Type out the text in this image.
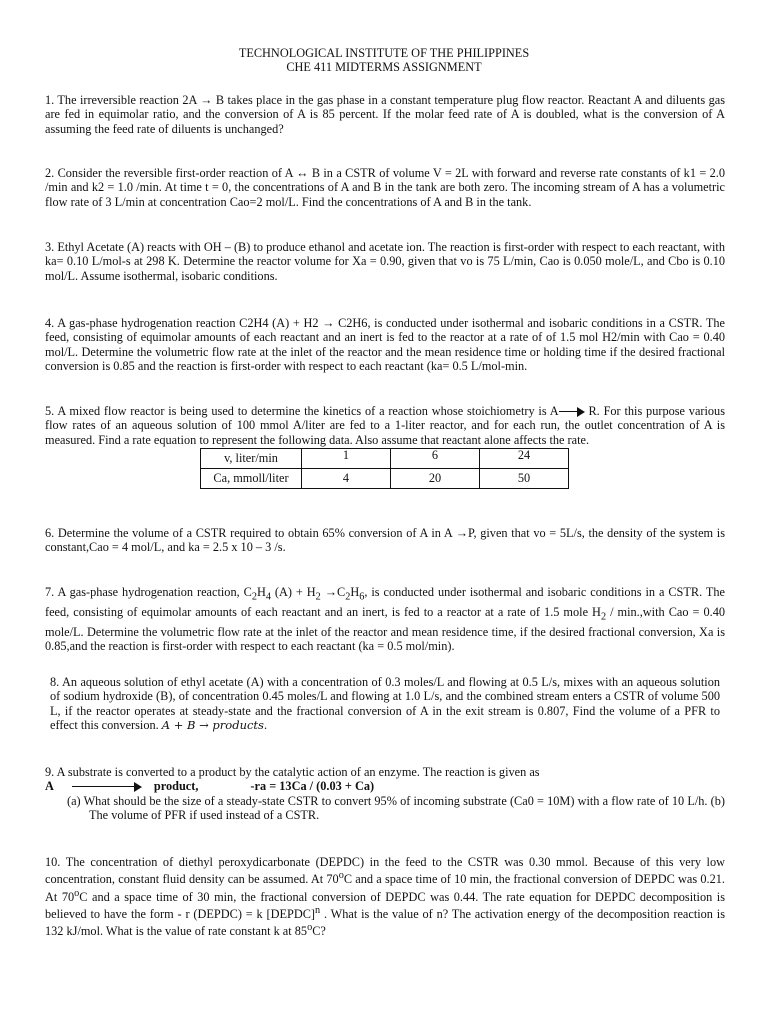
TECHNOLOGICAL INSTITUTE OF THE PHILIPPINES
CHE 411 MIDTERMS ASSIGNMENT

1. The irreversible reaction 2A → B takes place in the gas phase in a constant temperature plug flow reactor. Reactant A and diluents gas are fed in equimolar ratio, and the conversion of A is 85 percent. If the molar feed rate of A is doubled, what is the conversion of A assuming the feed rate of diluents is unchanged?

2. Consider the reversible first-order reaction of A ↔ B in a CSTR of volume V = 2L with forward and reverse rate constants of k1 = 2.0 /min and k2 = 1.0 /min. At time t = 0, the concentrations of A and B in the tank are both zero. The incoming stream of A has a volumetric flow rate of 3 L/min at concentration Cao=2 mol/L. Find the concentrations of A and B in the tank.

3. Ethyl Acetate (A) reacts with OH – (B) to produce ethanol and acetate ion. The reaction is first-order with respect to each reactant, with ka= 0.10 L/mol-s at 298 K. Determine the reactor volume for Xa = 0.90, given that vo is 75 L/min, Cao is 0.050 mole/L, and Cbo is 0.10 mol/L. Assume isothermal, isobaric conditions.

4. A gas-phase hydrogenation reaction C2H4 (A) + H2 → C2H6, is conducted under isothermal and isobaric conditions in a CSTR. The feed, consisting of equimolar amounts of each reactant and an inert is fed to the reactor at a rate of of 1.5 mol H2/min with Cao = 0.40 mol/L. Determine the volumetric flow rate at the inlet of the reactor and the mean residence time or holding time if the desired fractional conversion is 0.85 and the reaction is first-order with respect to each reactant (ka= 0.5 L/mol-min.

5. A mixed flow reactor is being used to determine the kinetics of a reaction whose stoichiometry is A R. For this purpose various flow rates of an aqueous solution of 100 mmol A/liter are fed to a 1-liter reactor, and for each run, the outlet concentration of A is measured. Find a rate equation to represent the following data. Also assume that reactant alone affects the rate.

v, liter/min	1	6	24
Ca, mmoll/liter	4	20	50

6. Determine the volume of a CSTR required to obtain 65% conversion of A in A →P, given that vo = 5L/s, the density of the system is constant,Cao = 4 mol/L, and ka = 2.5 x 10 – 3 /s.

7. A gas-phase hydrogenation reaction, $C_2H_4$ $(A) + H_2 \to C_2H_6$, is conducted under isothermal and isobaric conditions in a CSTR. The feed, consisting of equimolar amounts of each reactant and an inert, is fed to a reactor at a rate of 1.5 mole $H_2$ / min.,with Cao = 0.40 mole/L. Determine the volumetric flow rate at the inlet of the reactor and mean residence time, if the desired fractional conversion, Xa is 0.85,and the reaction is first-order with respect to each reactant (ka = 0.5 mol/min).

8. An aqueous solution of ethyl acetate (A) with a concentration of 0.3 moles/L and flowing at 0.5 L/s, mixes with an aqueous solution of sodium hydroxide (B), of concentration 0.45 moles/L and flowing at 1.0 L/s, and the combined stream enters a CSTR of volume 500 L, if the reactor operates at steady-state and the fractional conversion of A in the exit stream is 0.807, Find the volume of a PFR to effect this conversion. A + B → products.

9. A substrate is converted to a product by the catalytic action of an enzyme. The reaction is given as
A	product,	-ra = 13Ca / (0.03 + Ca)
(a) What should be the size of a steady-state CSTR to convert 95% of incoming substrate (Ca0 = 10M) with a flow rate of 10 L/h. (b) The volume of PFR if used instead of a CSTR.

10. The concentration of diethyl peroxydicarbonate (DEPDC) in the feed to the CSTR was 0.30 mmol. Because of this very low concentration, constant fluid density can be assumed. At 70$^o$C and a space time of 10 min, the fractional conversion of DEPDC was 0.21. At 70$^o$C and a space time of 30 min, the fractional conversion of DEPDC was 0.44. The rate equation for DEPDC decomposition is believed to have the form - r (DEPDC) = k [DEPDC]$^n$ . What is the value of n? The activation energy of the decomposition reaction is 132 kJ/mol. What is the value of rate constant k at 85$^o$C?
